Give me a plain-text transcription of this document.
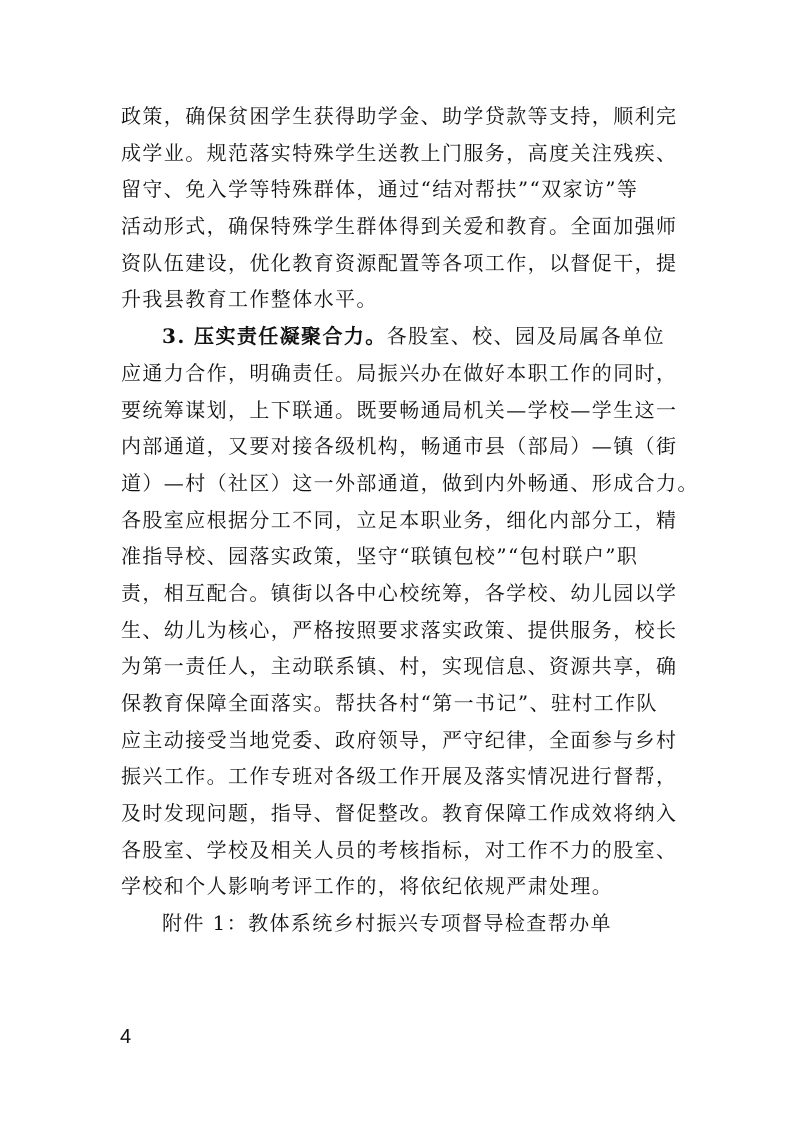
政策，确保贫困学生获得助学金、助学贷款等支持，顺利完
成学业。规范落实特殊学生送教上门服务，高度关注残疾、
留守、免入学等特殊群体，通过“结对帮扶”“双家访”等
活动形式，确保特殊学生群体得到关爱和教育。全面加强师
资队伍建设，优化教育资源配置等各项工作，以督促干，提
升我县教育工作整体水平。
3. 压实责任凝聚合力。各股室、校、园及局属各单位
应通力合作，明确责任。局振兴办在做好本职工作的同时，
要统筹谋划，上下联通。既要畅通局机关—学校—学生这一
内部通道，又要对接各级机构，畅通市县（部局）—镇（街
道）—村（社区）这一外部通道，做到内外畅通、形成合力。
各股室应根据分工不同，立足本职业务，细化内部分工，精
准指导校、园落实政策，坚守“联镇包校”“包村联户”职
责，相互配合。镇街以各中心校统筹，各学校、幼儿园以学
生、幼儿为核心，严格按照要求落实政策、提供服务，校长
为第一责任人，主动联系镇、村，实现信息、资源共享，确
保教育保障全面落实。帮扶各村“第一书记”、驻村工作队
应主动接受当地党委、政府领导，严守纪律，全面参与乡村
振兴工作。工作专班对各级工作开展及落实情况进行督帮，
及时发现问题，指导、督促整改。教育保障工作成效将纳入
各股室、学校及相关人员的考核指标，对工作不力的股室、
学校和个人影响考评工作的，将依纪依规严肃处理。
附件 1：教体系统乡村振兴专项督导检查帮办单
4
